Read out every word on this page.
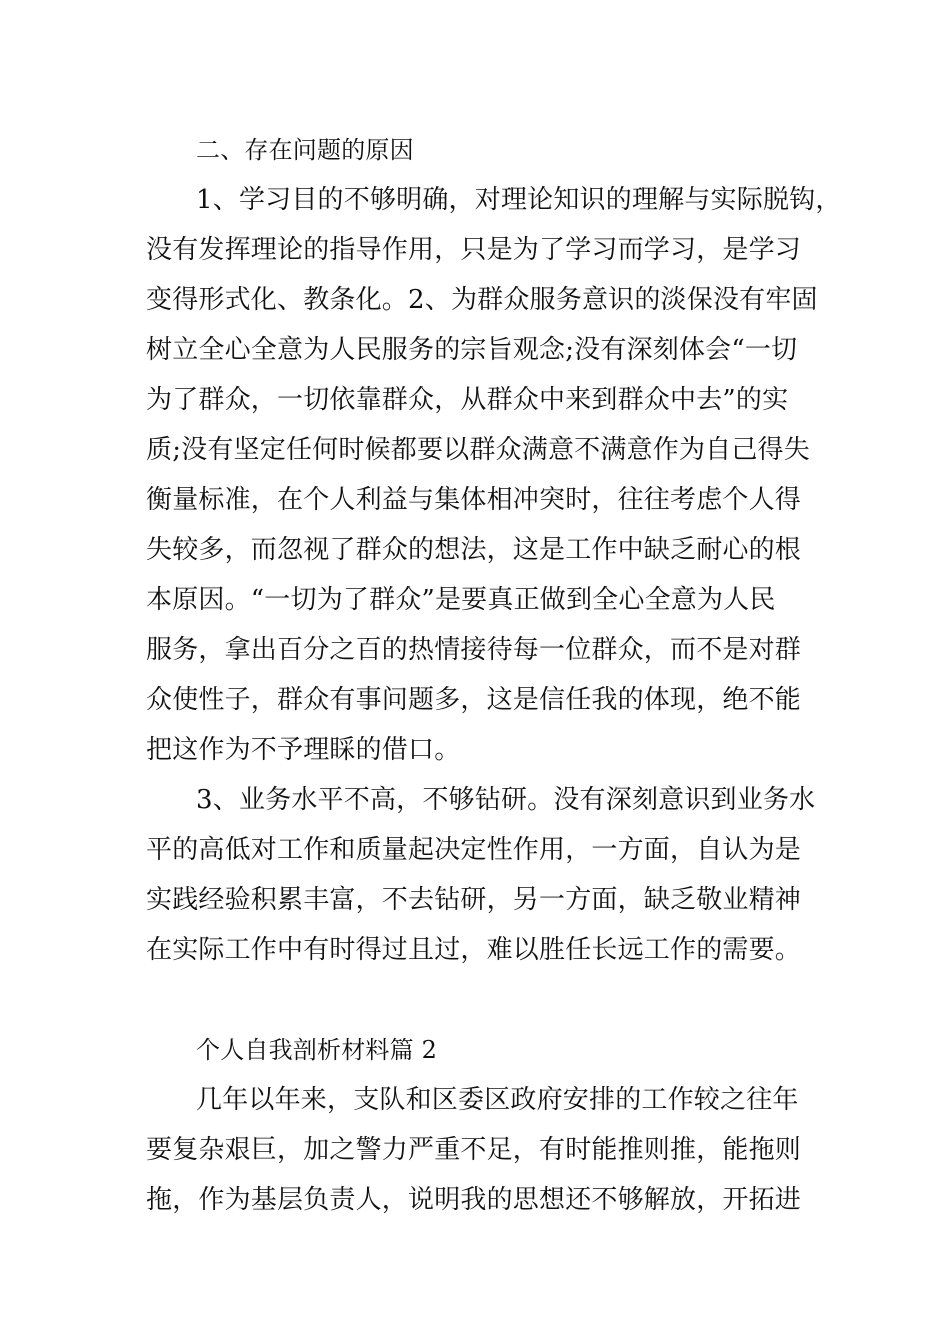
二、存在问题的原因
1、学习目的不够明确，对理论知识的理解与实际脱钩，
没有发挥理论的指导作用，只是为了学习而学习，是学习
变得形式化、教条化。2、为群众服务意识的淡保没有牢固
树立全心全意为人民服务的宗旨观念;没有深刻体会“一切
为了群众，一切依靠群众，从群众中来到群众中去”的实
质;没有坚定任何时候都要以群众满意不满意作为自己得失
衡量标准，在个人利益与集体相冲突时，往往考虑个人得
失较多，而忽视了群众的想法，这是工作中缺乏耐心的根
本原因。“一切为了群众”是要真正做到全心全意为人民
服务，拿出百分之百的热情接待每一位群众，而不是对群
众使性子，群众有事问题多，这是信任我的体现，绝不能
把这作为不予理睬的借口。
3、业务水平不高，不够钻研。没有深刻意识到业务水
平的高低对工作和质量起决定性作用，一方面，自认为是
实践经验积累丰富，不去钻研，另一方面，缺乏敬业精神
在实际工作中有时得过且过，难以胜任长远工作的需要。
个人自我剖析材料篇 2
几年以年来，支队和区委区政府安排的工作较之往年
要复杂艰巨，加之警力严重不足，有时能推则推，能拖则
拖，作为基层负责人，说明我的思想还不够解放，开拓进
